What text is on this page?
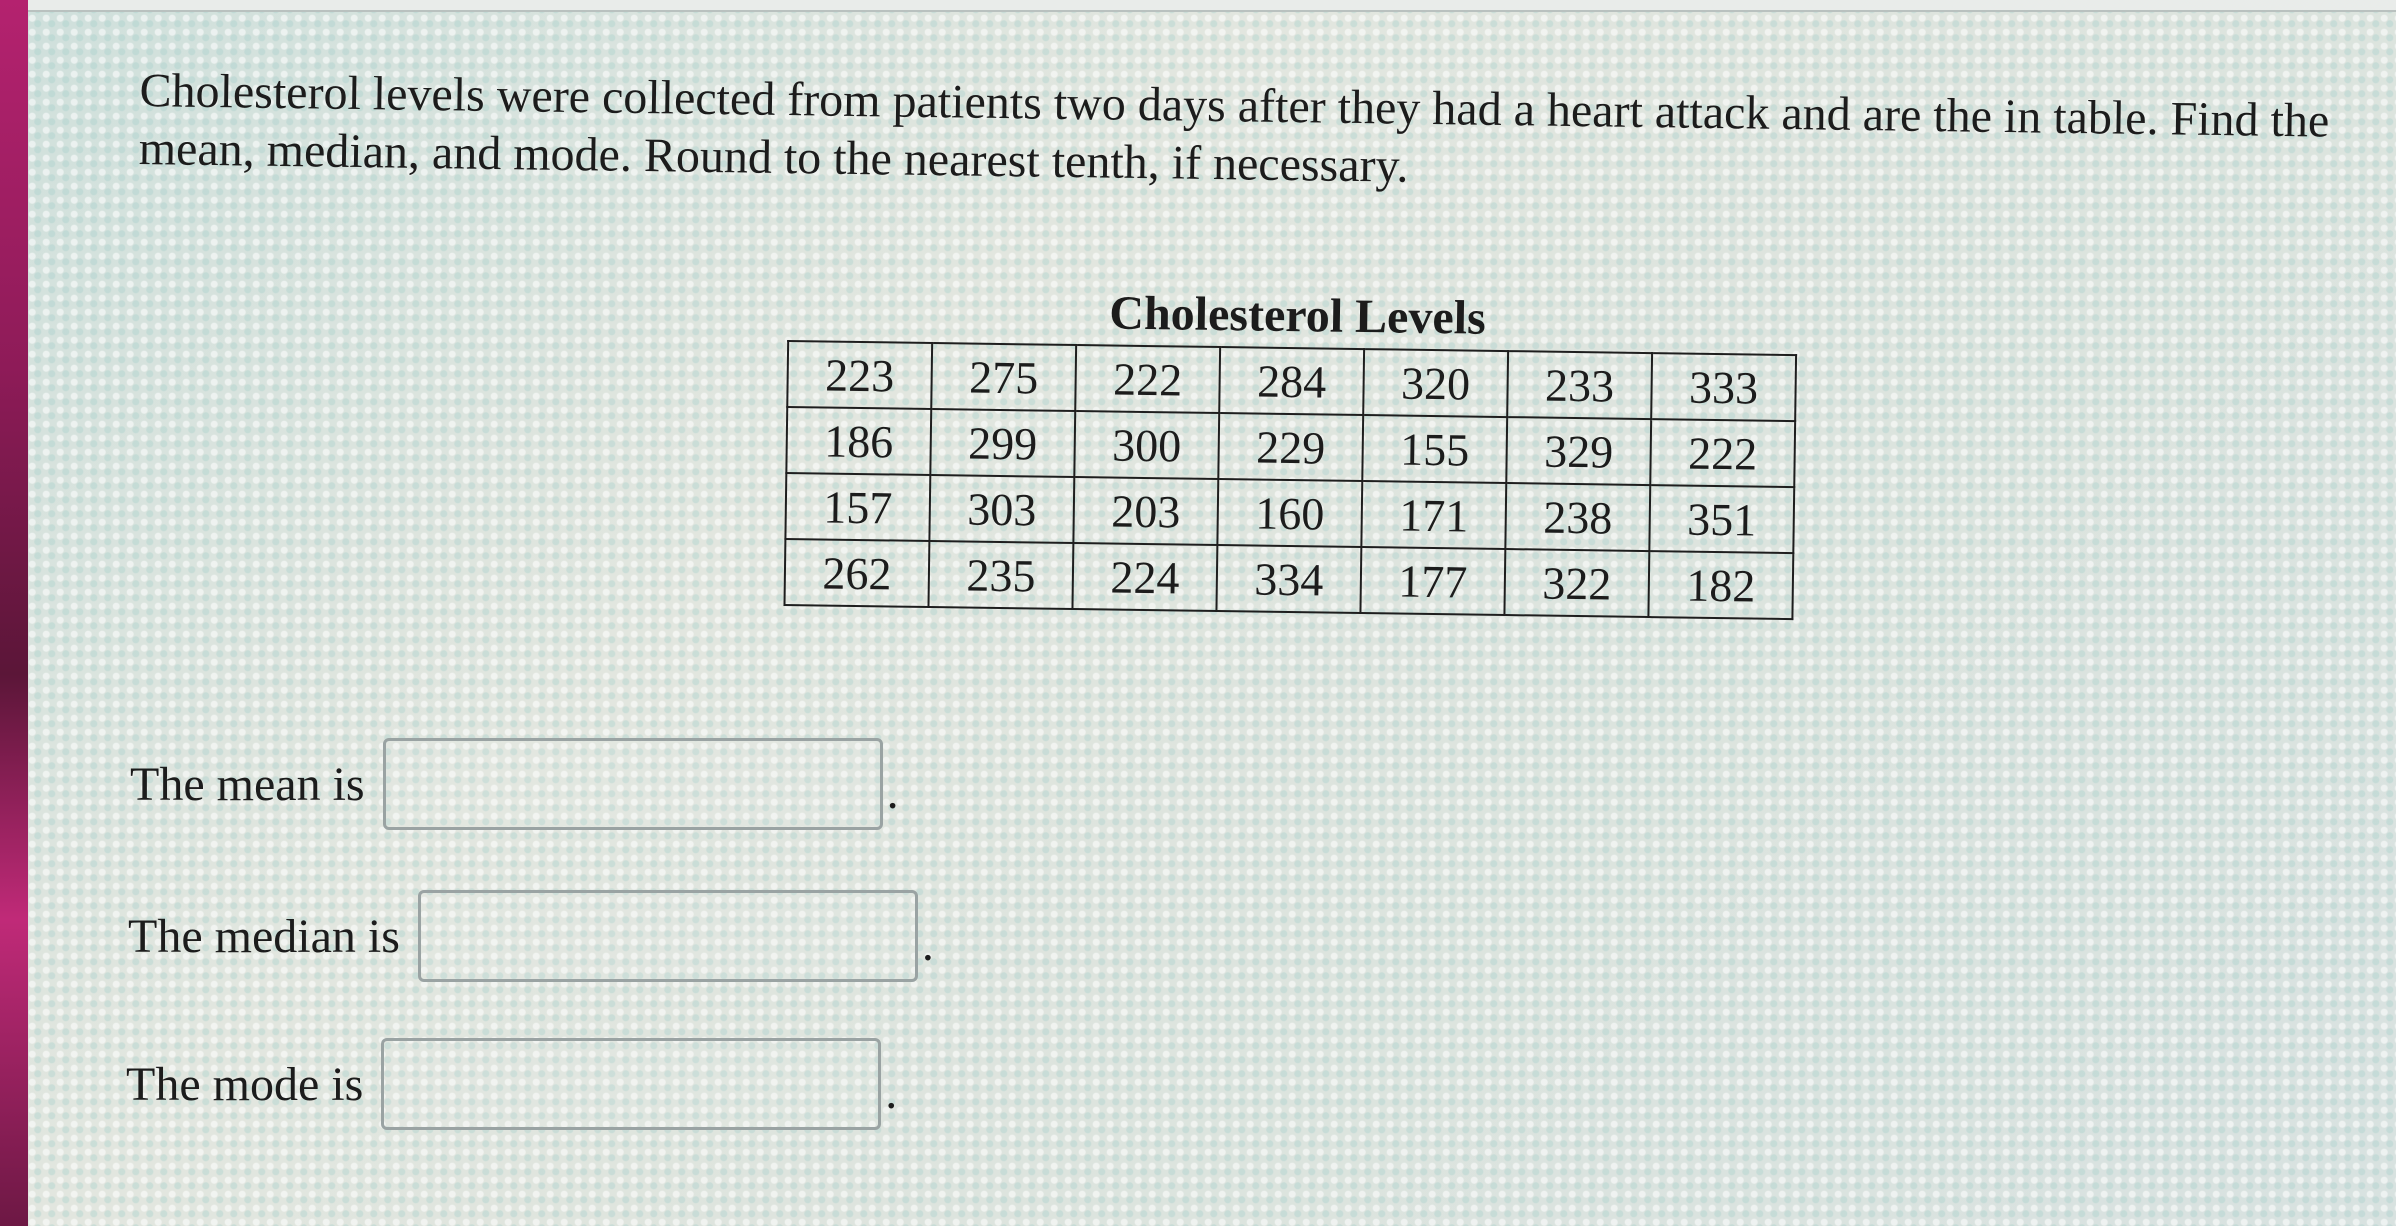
Cholesterol levels were collected from patients two days after they had a heart attack and are the in table. Find the mean, median, and mode. Round to the nearest tenth, if necessary.

Cholesterol Levels
223	275	222	284	320	233	333
186	299	300	229	155	329	222
157	303	203	160	171	238	351
262	235	224	334	177	322	182
The mean is	.
The median is	.
The mode is	.
